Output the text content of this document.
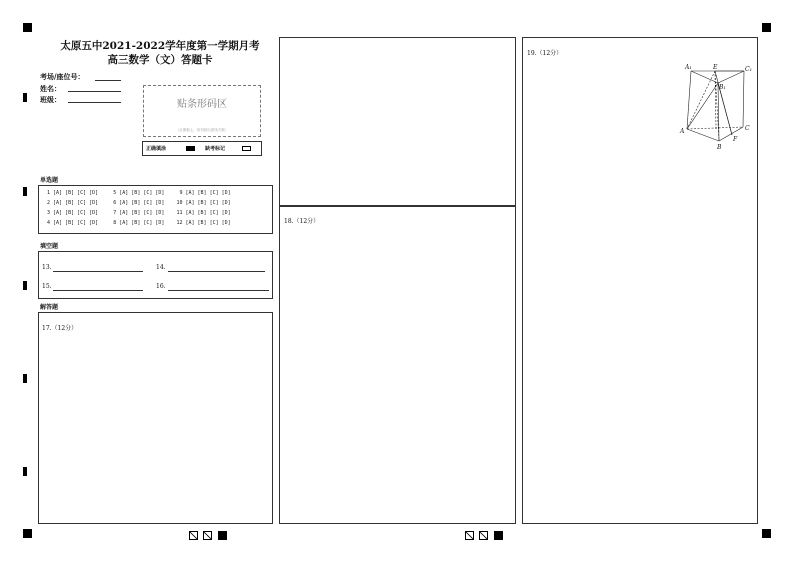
太原五中2021-2022学年度第一学期月考
高三数学（文）答题卡
考场/座位号：
姓名：
班级：	贴条形码区
（正面朝上，切勿贴出虚线方框）
正确填涂	缺考标记
单选题
1 [A] [B] [C] [D]     5 [A] [B] [C] [D]     9 [A] [B] [C] [D]
2 [A] [B] [C] [D]     6 [A] [B] [C] [D]    10 [A] [B] [C] [D]
3 [A] [B] [C] [D]     7 [A] [B] [C] [D]    11 [A] [B] [C] [D]
4 [A] [B] [C] [D]     8 [A] [B] [C] [D]    12 [A] [B] [C] [D]
填空题
13.	14.
15.	16.
解答题
17.（12分）
18.（12分）
19.（12分）
A₁	E	C₁
B₁
A
B
C
F
